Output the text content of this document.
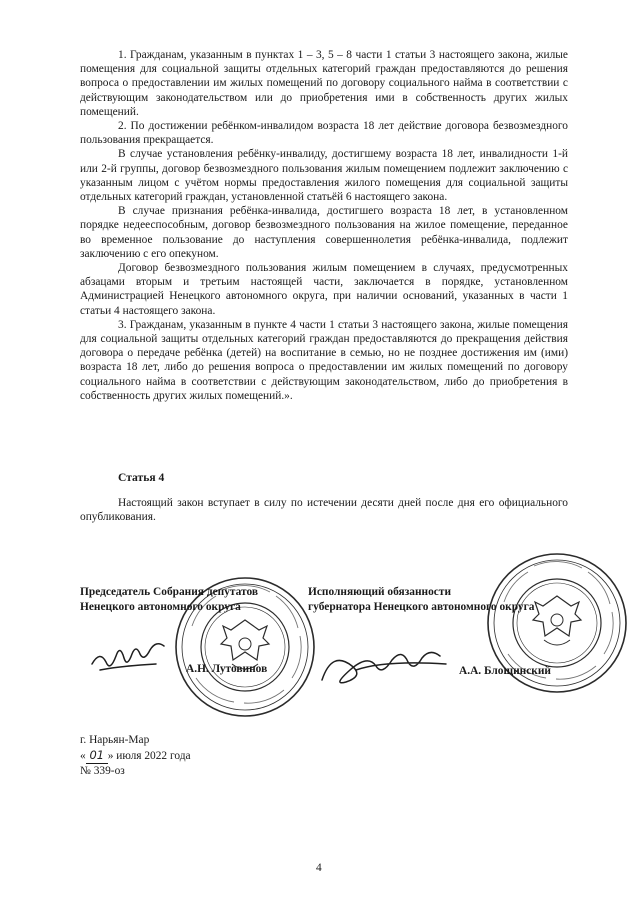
1. Гражданам, указанным в пунктах 1 – 3, 5 – 8 части 1 статьи 3 настоящего закона, жилые помещения для социальной защиты отдельных категорий граждан предоставляются до решения вопроса о предоставлении им жилых помещений по договору социального найма в соответствии с действующим законодательством или до приобретения ими в собственность других жилых помещений.

2. По достижении ребёнком-инвалидом возраста 18 лет действие договора безвозмездного пользования прекращается.

В случае установления ребёнку-инвалиду, достигшему возраста 18 лет, инвалидности 1-й или 2-й группы, договор безвозмездного пользования жилым помещением подлежит заключению с указанным лицом с учётом нормы предоставления жилого помещения для социальной защиты отдельных категорий граждан, установленной статьёй 6 настоящего закона.

В случае признания ребёнка-инвалида, достигшего возраста 18 лет, в установленном порядке недееспособным, договор безвозмездного пользования на жилое помещение, переданное во временное пользование до наступления совершеннолетия ребёнка-инвалида, подлежит заключению с его опекуном.

Договор безвозмездного пользования жилым помещением в случаях, предусмотренных абзацами вторым и третьим настоящей части, заключается в порядке, установленном Администрацией Ненецкого автономного округа, при наличии оснований, указанных в части 1 статьи 4 настоящего закона.

3. Гражданам, указанным в пункте 4 части 1 статьи 3 настоящего закона, жилые помещения для социальной защиты отдельных категорий граждан предоставляются до прекращения действия договора о передаче ребёнка (детей) на воспитание в семью, но не позднее достижения им (ими) возраста 18 лет, либо до решения вопроса о предоставлении им жилых помещений по договору социального найма в соответствии с действующим законодательством, либо до приобретения в собственность других жилых помещений.».

Статья 4

Настоящий закон вступает в силу по истечении десяти дней после дня его официального опубликования.

Председатель Собрания депутатов
Ненецкого автономного округа
Исполняющий обязанности
губернатора Ненецкого автономного округа
А.Н. Лутовинов	А.А. Блощинский
г. Нарьян-Мар
« 01 » июля 2022 года
№ 339-оз
4
